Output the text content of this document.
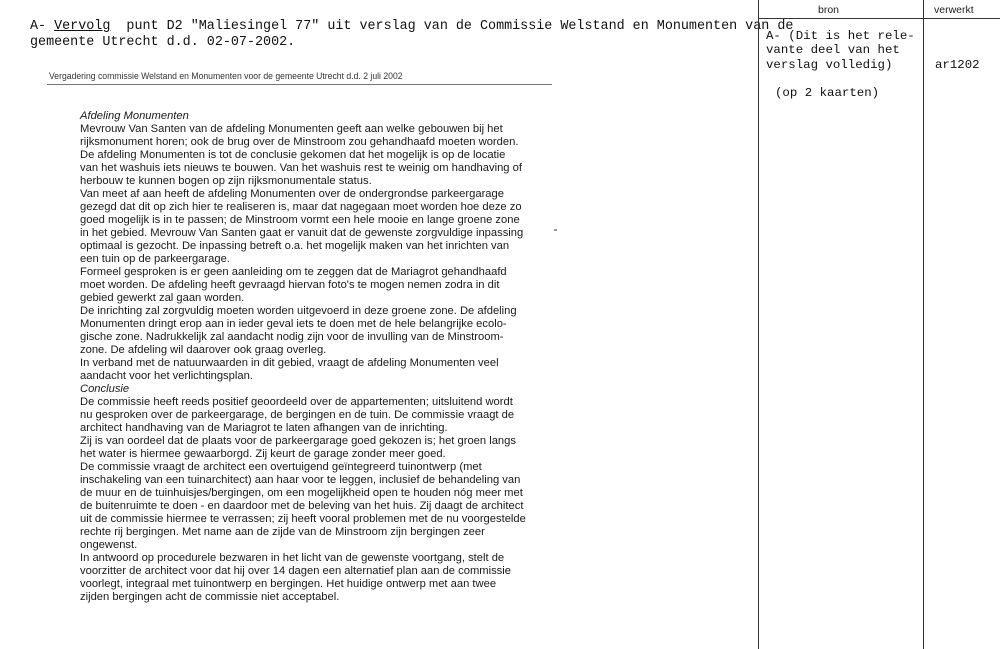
A- Vervolg  punt D2 "Maliesingel 77" uit verslag van de Commissie Welstand en Monumenten van de
gemeente Utrecht d.d. 02-07-2002.
Vergadering commissie Welstand en Monumenten voor de gemeente Utrecht d.d. 2 juli 2002
Afdeling Monumenten
Mevrouw Van Santen van de afdeling Monumenten geeft aan welke gebouwen bij het
rijksmonument horen; ook de brug over de Minstroom zou gehandhaafd moeten worden.
De afdeling Monumenten is tot de conclusie gekomen dat het mogelijk is op de locatie
van het washuis iets nieuws te bouwen. Van het washuis rest te weinig om handhaving of
herbouw te kunnen bogen op zijn rijksmonumentale status.
Van meet af aan heeft de afdeling Monumenten over de ondergrondse parkeergarage
gezegd dat dit op zich hier te realiseren is, maar dat nagegaan moet worden hoe deze zo
goed mogelijk is in te passen; de Minstroom vormt een hele mooie en lange groene zone
in het gebied. Mevrouw Van Santen gaat er vanuit dat de gewenste zorgvuldige inpassing
optimaal is gezocht. De inpassing betreft o.a. het mogelijk maken van het inrichten van
een tuin op de parkeergarage.
Formeel gesproken is er geen aanleiding om te zeggen dat de Mariagrot gehandhaafd
moet worden. De afdeling heeft gevraagd hiervan foto's te mogen nemen zodra in dit
gebied gewerkt zal gaan worden.
De inrichting zal zorgvuldig moeten worden uitgevoerd in deze groene zone. De afdeling
Monumenten dringt erop aan in ieder geval iets te doen met de hele belangrijke ecolo-
gische zone. Nadrukkelijk zal aandacht nodig zijn voor de invulling van de Minstroom-
zone. De afdeling wil daarover ook graag overleg.
In verband met de natuurwaarden in dit gebied, vraagt de afdeling Monumenten veel
aandacht voor het verlichtingsplan.
Conclusie
De commissie heeft reeds positief geoordeeld over de appartementen; uitsluitend wordt
nu gesproken over de parkeergarage, de bergingen en de tuin. De commissie vraagt de
architect handhaving van de Mariagrot te laten afhangen van de inrichting.
Zij is van oordeel dat de plaats voor de parkeergarage goed gekozen is; het groen langs
het water is hiermee gewaarborgd. Zij keurt de garage zonder meer goed.
De commissie vraagt de architect een overtuigend geïntegreerd tuinontwerp (met
inschakeling van een tuinarchitect) aan haar voor te leggen, inclusief de behandeling van
de muur en de tuinhuisjes/bergingen, om een mogelijkheid open te houden nóg meer met
de buitenruimte te doen - en daardoor met de beleving van het huis. Zij daagt de architect
uit de commissie hiermee te verrassen; zij heeft vooral problemen met de nu voorgestelde
rechte rij bergingen. Met name aan de zijde van de Minstroom zijn bergingen zeer
ongewenst.
In antwoord op procedurele bezwaren in het licht van de gewenste voortgang, stelt de
voorzitter de architect voor dat hij over 14 dagen een alternatief plan aan de commissie
voorlegt, integraal met tuinontwerp en bergingen. Het huidige ontwerp met aan twee
zijden bergingen acht de commissie niet acceptabel.
bron	verwerkt
A- (Dit is het rele-
vante deel van het
verslag volledig)
(op 2 kaarten)
ar1202
